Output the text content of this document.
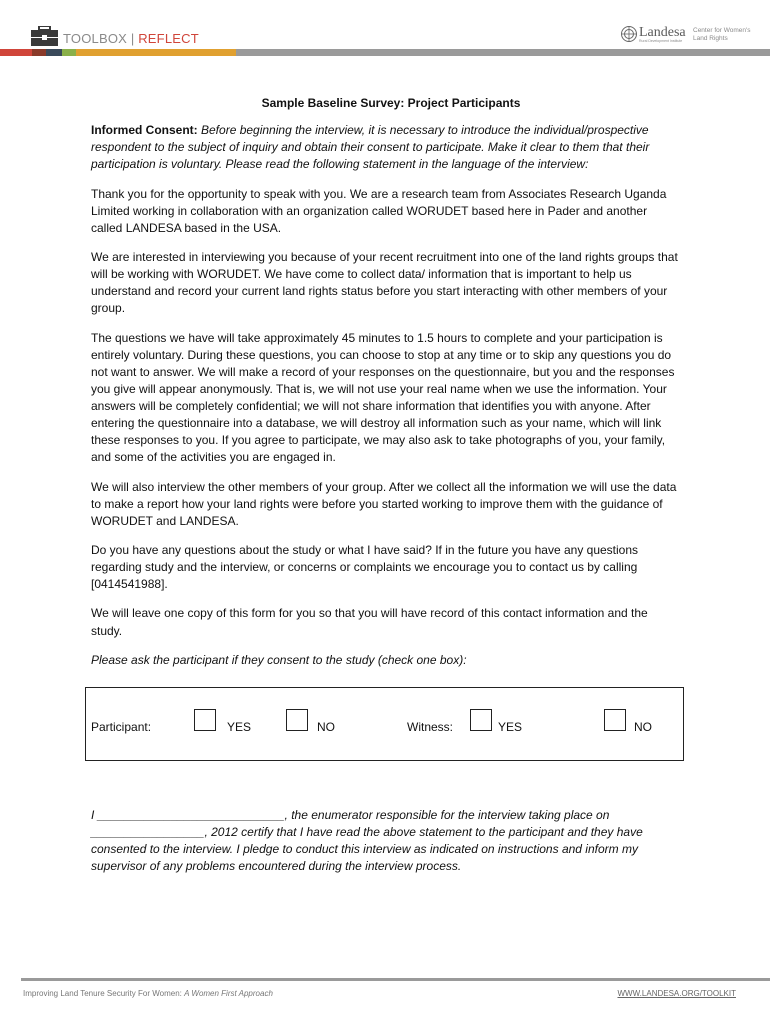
TOOLBOX | REFLECT	Landesa
Rural Development Institute
Center for Women's Land Rights
Sample Baseline Survey: Project Participants

Informed Consent: Before beginning the interview, it is necessary to introduce the individual/prospective respondent to the subject of inquiry and obtain their consent to participate. Make it clear to them that their participation is voluntary. Please read the following statement in the language of the interview:

Thank you for the opportunity to speak with you. We are a research team from Associates Research Uganda Limited working in collaboration with an organization called WORUDET based here in Pader and another called LANDESA based in the USA.

We are interested in interviewing you because of your recent recruitment into one of the land rights groups that will be working with WORUDET. We have come to collect data/ information that is important to help us understand and record your current land rights status before you start interacting with other members of your group.

The questions we have will take approximately 45 minutes to 1.5 hours to complete and your participation is entirely voluntary. During these questions, you can choose to stop at any time or to skip any questions you do not want to answer. We will make a record of your responses on the questionnaire, but you and the responses you give will appear anonymously. That is, we will not use your real name when we use the information. Your answers will be completely confidential; we will not share information that identifies you with anyone. After entering the questionnaire into a database, we will destroy all information such as your name, which will link these responses to you. If you agree to participate, we may also ask to take photographs of you, your family, and some of the activities you are engaged in.

We will also interview the other members of your group. After we collect all the information we will use the data to make a report how your land rights were before you started working to improve them with the guidance of WORUDET and LANDESA.

Do you have any questions about the study or what I have said? If in the future you have any questions regarding study and the interview, or concerns or complaints we encourage you to contact us by calling [0414541988].

We will leave one copy of this form for you so that you will have record of this contact information and the study.

Please ask the participant if they consent to the study (check one box):

Participant:	YES	NO	Witness:	YES	NO
I ____________________________, the enumerator responsible for the interview taking place on _________________, 2012 certify that I have read the above statement to the participant and they have consented to the interview. I pledge to conduct this interview as indicated on instructions and inform my supervisor of any problems encountered during the interview process.
Improving Land Tenure Security For Women: A Women First Approach	WWW.LANDESA.ORG/TOOLKIT
